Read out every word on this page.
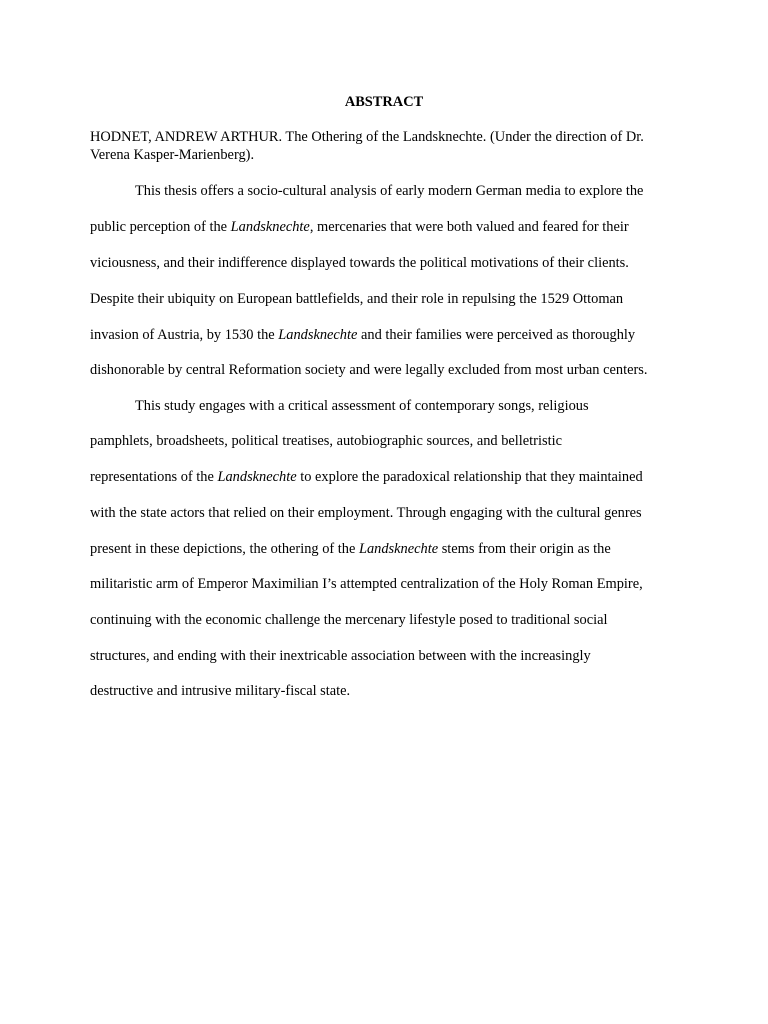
ABSTRACT
HODNET, ANDREW ARTHUR. The Othering of the Landsknechte. (Under the direction of Dr.
Verena Kasper-Marienberg).
This thesis offers a socio-cultural analysis of early modern German media to explore the
public perception of the Landsknechte, mercenaries that were both valued and feared for their
viciousness, and their indifference displayed towards the political motivations of their clients.
Despite their ubiquity on European battlefields, and their role in repulsing the 1529 Ottoman
invasion of Austria, by 1530 the Landsknechte and their families were perceived as thoroughly
dishonorable by central Reformation society and were legally excluded from most urban centers.
This study engages with a critical assessment of contemporary songs, religious
pamphlets, broadsheets, political treatises, autobiographic sources, and belletristic
representations of the Landsknechte to explore the paradoxical relationship that they maintained
with the state actors that relied on their employment. Through engaging with the cultural genres
present in these depictions, the othering of the Landsknechte stems from their origin as the
militaristic arm of Emperor Maximilian I’s attempted centralization of the Holy Roman Empire,
continuing with the economic challenge the mercenary lifestyle posed to traditional social
structures, and ending with their inextricable association between with the increasingly
destructive and intrusive military-fiscal state.
